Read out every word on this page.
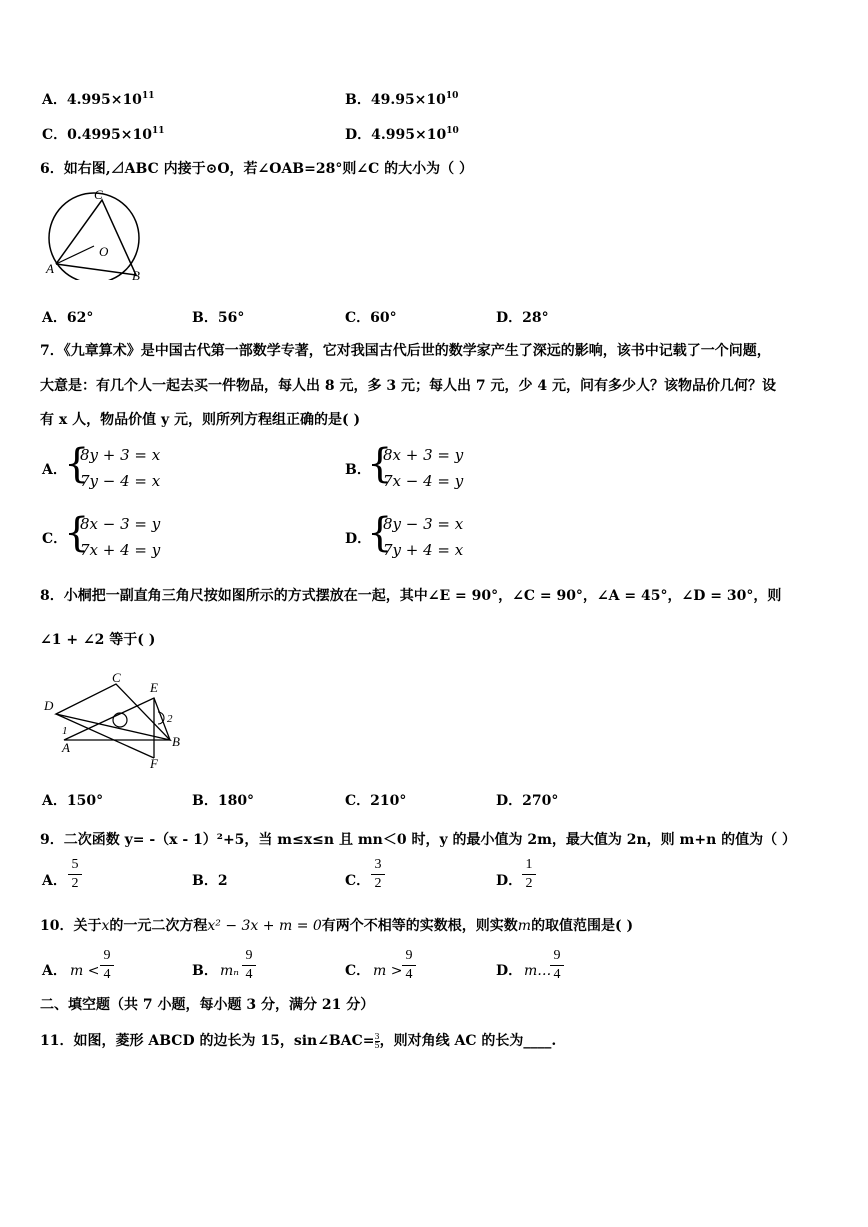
A．$4.995\times 10^{11}$	B．$49.95\times 10^{10}$
C．$0.4995\times 10^{11}$	D．$4.995\times 10^{10}$
6．如右图,⊿ABC 内接于⊙O，若∠OAB=28°则∠C 的大小为（ ）
C
O
A	B
A．62°	B．56°	C．60°	D．28°
7．《九章算术》是中国古代第一部数学专著，它对我国古代后世的数学家产生了深远的影响，该书中记载了一个问题，
大意是：有几个人一起去买一件物品，每人出 8 元，多 3 元；每人出 7 元，少 4 元，问有多少人？该物品价几何？设
有 x 人，物品价值 y 元，则所列方程组正确的是( )
A．
{
8y + 3 = x
7y − 4 = x
B．
{
8x + 3 = y
7x − 4 = y
C．
{
8x − 3 = y
7x + 4 = y
D．
{
8y − 3 = x
7y + 4 = x
8．小桐把一副直角三角尺按如图所示的方式摆放在一起，其中∠E = 90°，∠C = 90°，∠A = 45°，∠D = 30°，则
∠1 + ∠2 等于( )
C
E
D
2
1
A	B
F
A．150°	B．180°	C．210°	D．270°
9．二次函数 y= -（x - 1）²+5，当 m≤x≤n 且 mn＜0 时，y 的最小值为 2m，最大值为 2n，则 m+n 的值为（ ）
A．
5
2	B．2	C．
3
2	D．
1
2
10．关于x的一元二次方程x² − 3x + m = 0有两个不相等的实数根，则实数m的取值范围是( )
A． m <
9
4	B． mₙ
9
4	C． m >
9
4	D． m…
9
4
二、填空题（共 7 小题，每小题 3 分，满分 21 分）
11．如图，菱形 ABCD 的边长为 15，sin∠BAC= $\frac{3}{5}$ ，则对角线 AC 的长为____.
